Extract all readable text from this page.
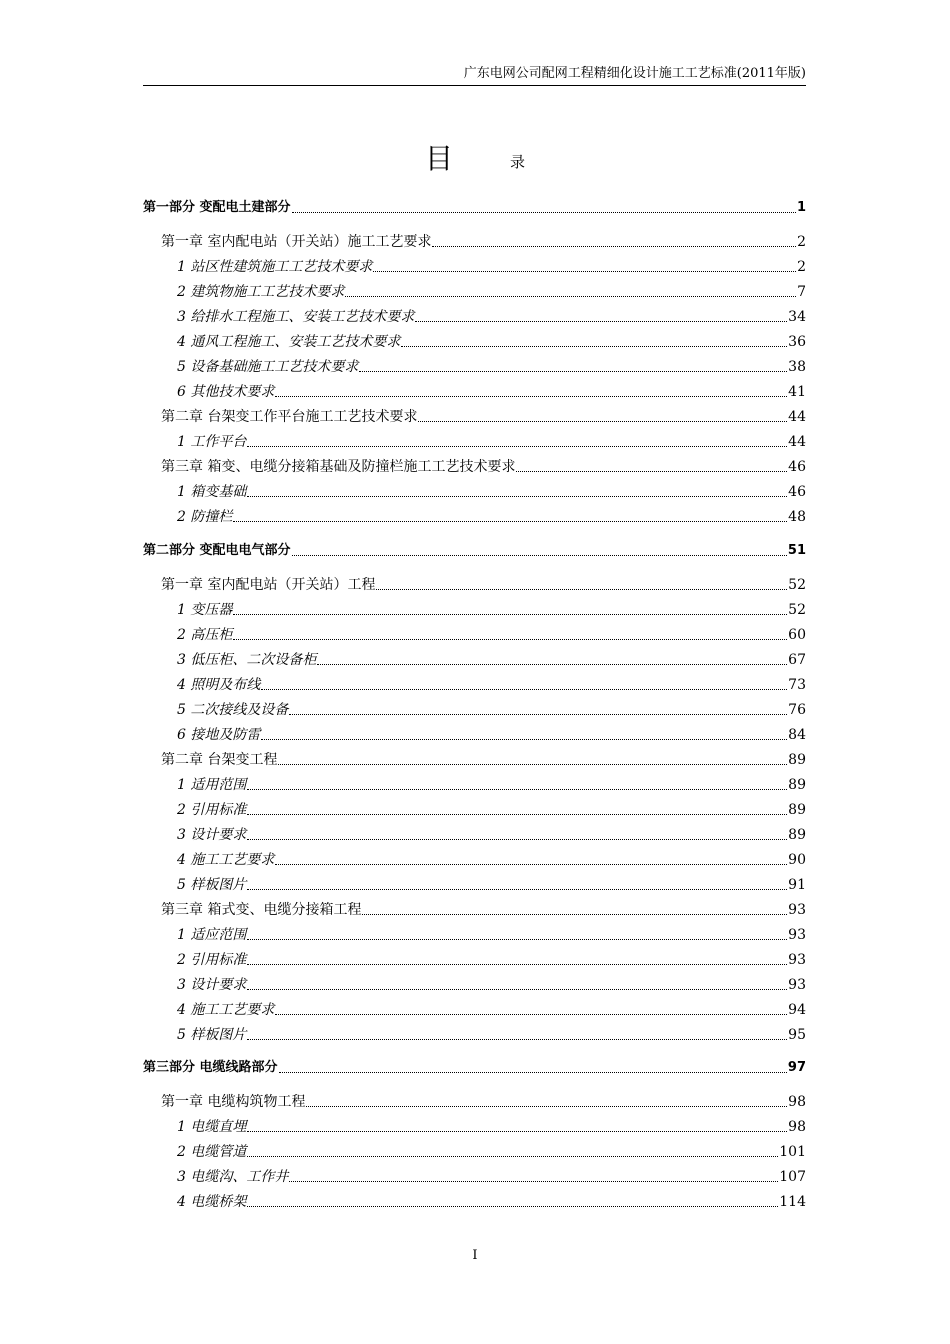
广东电网公司配网工程精细化设计施工工艺标准(2011年版)
目	录
第一部分 变配电土建部分	1
第一章 室内配电站（开关站）施工工艺要求	2
1 站区性建筑施工工艺技术要求	2
2 建筑物施工工艺技术要求	7
3 给排水工程施工、安装工艺技术要求	34
4 通风工程施工、安装工艺技术要求	36
5 设备基础施工工艺技术要求	38
6 其他技术要求	41
第二章 台架变工作平台施工工艺技术要求	44
1 工作平台	44
第三章 箱变、电缆分接箱基础及防撞栏施工工艺技术要求	46
1 箱变基础	46
2 防撞栏	48
第二部分 变配电电气部分	51
第一章 室内配电站（开关站）工程	52
1 变压器	52
2 高压柜	60
3 低压柜、二次设备柜	67
4 照明及布线	73
5 二次接线及设备	76
6 接地及防雷	84
第二章 台架变工程	89
1 适用范围	89
2 引用标准	89
3 设计要求	89
4 施工工艺要求	90
5 样板图片	91
第三章 箱式变、电缆分接箱工程	93
1 适应范围	93
2 引用标准	93
3 设计要求	93
4 施工工艺要求	94
5 样板图片	95
第三部分 电缆线路部分	97
第一章 电缆构筑物工程	98
1 电缆直埋	98
2 电缆管道	101
3 电缆沟、工作井	107
4 电缆桥架	114
I
